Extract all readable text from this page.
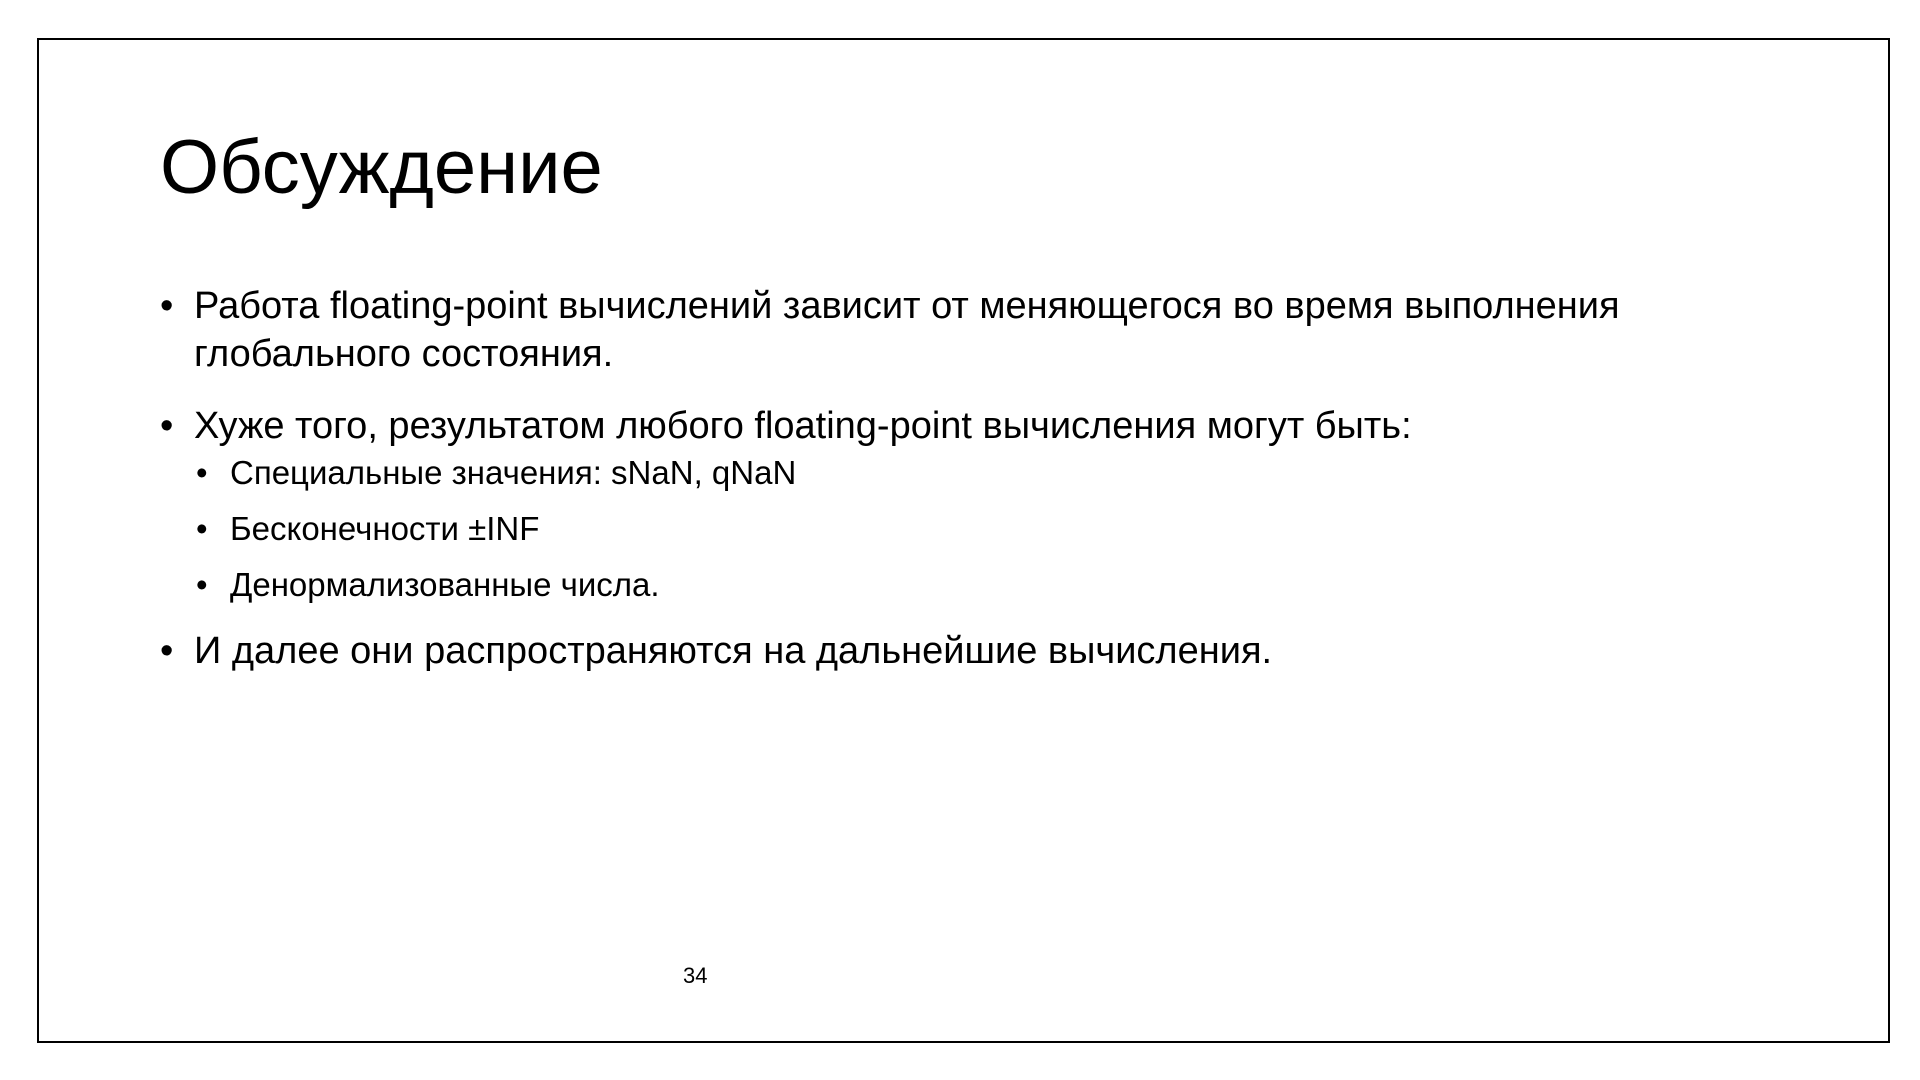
Обсуждение
• Работа floating-point вычислений зависит от меняющегося во время выполнения глобального состояния.
• Хуже того, результатом любого floating-point вычисления могут быть:
• Специальные значения: sNaN, qNaN
• Бесконечности ±INF
• Денормализованные числа.
• И далее они распространяются на дальнейшие вычисления.
34
